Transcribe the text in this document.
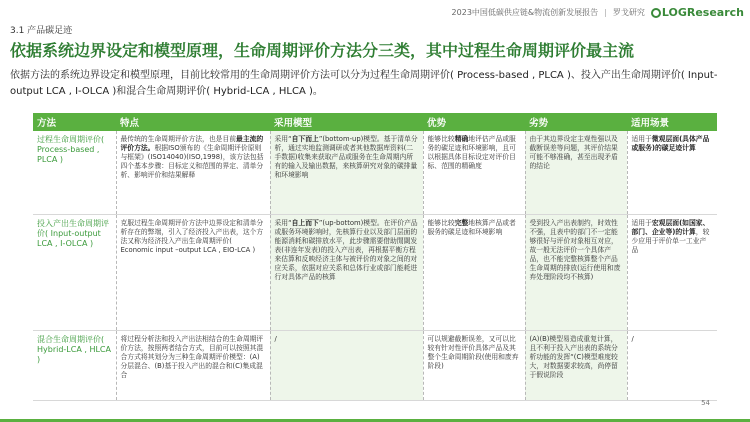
2023中国低碳供应链&物流创新发展报告 | 罗戈研究 LOGResearch
3.1 产品碳足迹
依据系统边界设定和模型原理，生命周期评价方法分三类，其中过程生命周期评价最主流
依据方法的系统边界设定和模型原理，目前比较常用的生命周期评价方法可以分为过程生命周期评价( Process-based , PLCA )、投入产出生命周期评价( Input-output LCA , I-OLCA )和混合生命周期评价( Hybrid-LCA , HLCA )。
方法	特点	采用模型	优势	劣势	适用场景
过程生命周期评价( Process-based , PLCA )	最传统的生命周期评价方法，也是目前最主流的评价方法。根据ISO颁布的《生命周期评价原则与框架》(ISO14040)(ISO,1998)，该方法包括四个基本步骤：目标定义和范围的界定、清单分析、影响评价和结果解释	采用“自下而上”(bottom-up)模型。基于清单分析，通过实地监测调研或者其他数据库资料(二手数据)收集来获取产品或服务在生命周期内所有的输入及输出数据，来核算研究对象的碳排量和环境影响	能够比较精确地评估产品或服务的碳足迹和环境影响，且可以根据具体目标设定对评价目标、范围的精确度	由于其边界设定主观性强以及截断误差等问题，其评价结果可能不够准确，甚至出现矛盾的结论	适用于微观层面(具体产品或服务)的碳足迹计算
投入产出生命周期评价( Input-output LCA , I-OLCA )	克服过程生命周期评价方法中边界设定和清单分析存在的弊端，引入了经济投入产出表，这个方法又称为经济投入产出生命周期评价( Economic input –output LCA , EIO-LCA )	采用“自上而下”(up-bottom)模型。在评价产品或服务环境影响时，先核算行业以及部门层面的能源消耗和碳排放水平，此步骤需要借助閒閾发表(非连年发表)的投入产出表，再根据平衡方程来估算和反映经济主体与被评价的对象之间的对应关系，依据对应关系和总体行业或部门能耗进行对具体产品的核算	能够比较完整地核算产品或者服务的碳足迹和环境影响	受到投入产出表制约，时效性不强，且表中的部门不一定能够很好与评价对象相互对应，故一般无法评价一个具体产品，也不能完整核算整个产品生命周期的排放(运行使用和废弃处理阶段均不核算)	适用于宏观层面(如国家、部门、企业等)的计算，较少应用于评价单一工业产品
混合生命周期评价( Hybrid-LCA , HLCA )	将过程分析法和投入产出法相结合的生命周期评价方法，按照两者结合方式，目前可以按照其混合方式将其划分为三种生命周期评价模型：(A)分层混合、(B)基于投入产出的混合和(C)集成混合	/	可以规避截断误差，又可以比较有针对性评价具体产品及其整个生命周期阶段(使用和废弃阶段)	(A)(B)模型易造成重复计算，且不利于投入产出表的系统分析功能的发挥“(C)模型难度较大，对数据要求较高，尚停留于假说阶段	/
54
